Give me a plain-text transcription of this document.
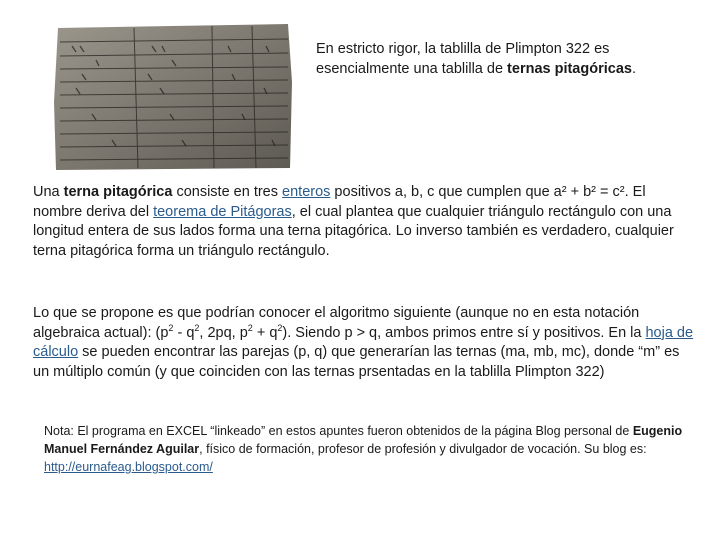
En estricto rigor, la tablilla de Plimpton 322 es esencialmente una tablilla de ternas pitagóricas.

Una terna pitagórica consiste en tres enteros positivos a, b, c que cumplen que a² + b² = c². El nombre deriva del teorema de Pitágoras, el cual plantea que cualquier triángulo rectángulo con una longitud entera de sus lados forma una terna pitagórica. Lo inverso también es verdadero, cualquier terna pitagórica forma un triángulo rectángulo.

Lo que se propone es que podrían conocer el algoritmo siguiente (aunque no en esta notación algebraica actual): ($p^2 - q^2$, 2pq, $p^2 + q^2$). Siendo p > q, ambos primos entre sí y positivos. En la hoja de cálculo se pueden encontrar las parejas (p, q) que generarían las ternas (ma, mb, mc), donde “m” es un múltiplo común (y que coinciden con las ternas prsentadas en la tablilla Plimpton 322)

Nota: El programa en EXCEL “linkeado” en estos apuntes fueron obtenidos de la página Blog personal de Eugenio Manuel Fernández Aguilar, físico de formación, profesor de profesión y divulgador de vocación. Su blog es: http://eurnafeag.blogspot.com/
